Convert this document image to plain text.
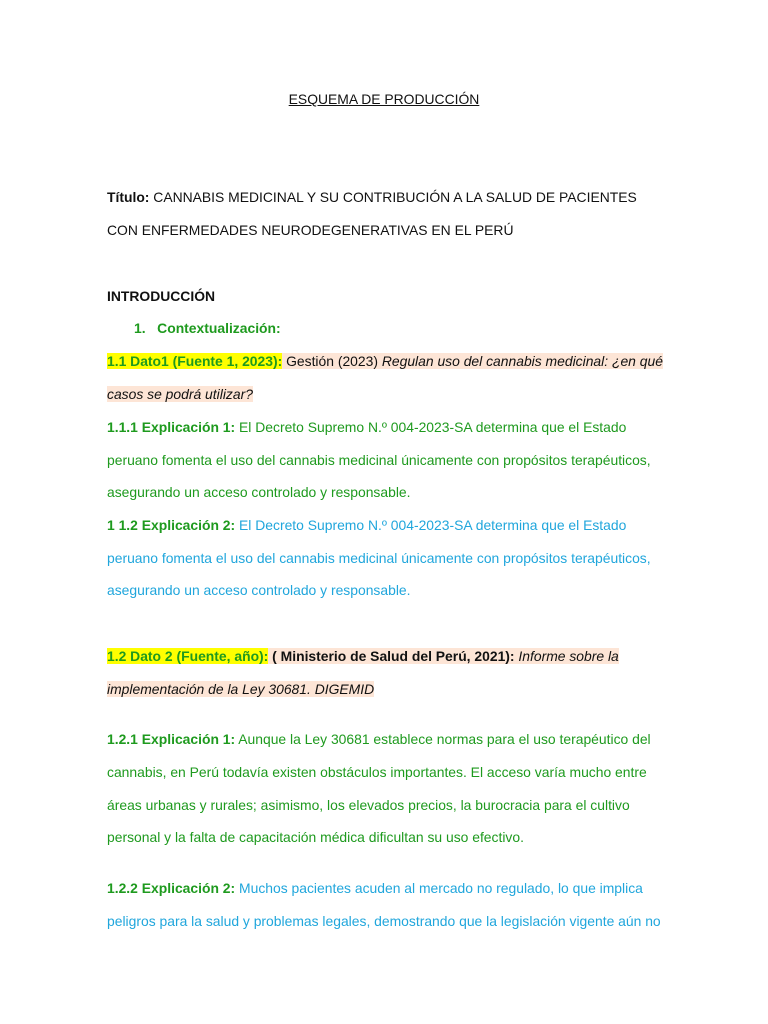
ESQUEMA DE PRODUCCIÓN
Título: CANNABIS MEDICINAL Y SU CONTRIBUCIÓN A LA SALUD DE PACIENTES
CON ENFERMEDADES NEURODEGENERATIVAS EN EL PERÚ
INTRODUCCIÓN
1. Contextualización:
1.1 Dato1 (Fuente 1, 2023): Gestión (2023) Regulan uso del cannabis medicinal: ¿en qué
casos se podrá utilizar?
1.1.1 Explicación 1: El Decreto Supremo N.º 004-2023-SA determina que el Estado
peruano fomenta el uso del cannabis medicinal únicamente con propósitos terapéuticos,
asegurando un acceso controlado y responsable.
1 1.2 Explicación 2: El Decreto Supremo N.º 004-2023-SA determina que el Estado
peruano fomenta el uso del cannabis medicinal únicamente con propósitos terapéuticos,
asegurando un acceso controlado y responsable.
1.2 Dato 2 (Fuente, año): ( Ministerio de Salud del Perú, 2021): Informe sobre la
implementación de la Ley 30681. DIGEMID
1.2.1 Explicación 1: Aunque la Ley 30681 establece normas para el uso terapéutico del
cannabis, en Perú todavía existen obstáculos importantes. El acceso varía mucho entre
áreas urbanas y rurales; asimismo, los elevados precios, la burocracia para el cultivo
personal y la falta de capacitación médica dificultan su uso efectivo.
1.2.2 Explicación 2: Muchos pacientes acuden al mercado no regulado, lo que implica
peligros para la salud y problemas legales, demostrando que la legislación vigente aún no
